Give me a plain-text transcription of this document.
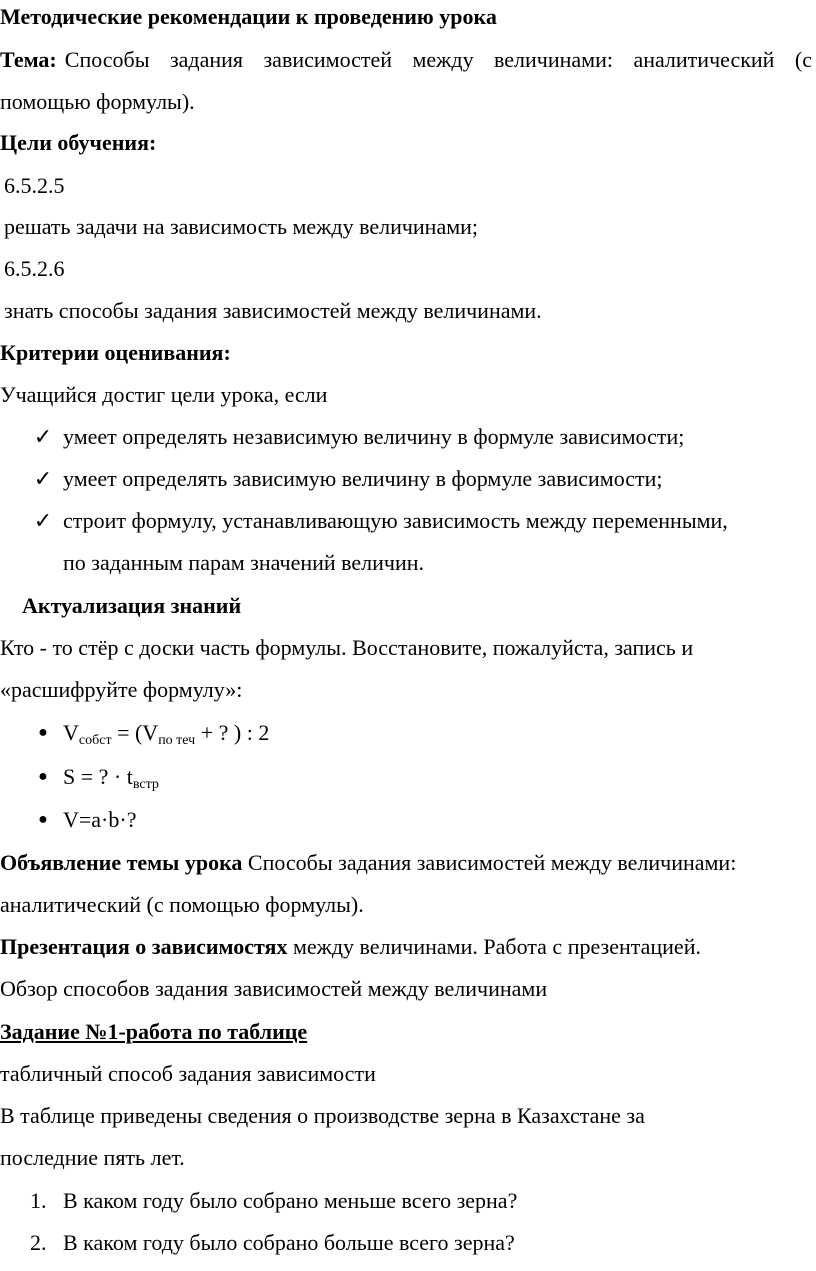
Методические рекомендации к проведению урока
Тема: Способы задания зависимостей между величинами: аналитический (с
помощью формулы).
Цели обучения:
6.5.2.5
решать задачи на зависимость между величинами;
6.5.2.6
знать способы задания зависимостей между величинами.
Критерии оценивания:
Учащийся достиг цели урока, если
✓ умеет определять независимую величину в формуле зависимости;
✓ умеет определять зависимую величину в формуле зависимости;
✓ строит формулу, устанавливающую зависимость между переменными,
по заданным парам значений величин.
Актуализация знаний
Кто - то стёр с доски часть формулы. Восстановите, пожалуйста, запись и
«расшифруйте формулу»:
● $V_{собст} = (V_{по теч}$ + ? ) : 2
● S = ? · $t_{встр}$
● V=a·b·?
Объявление темы урока Способы задания зависимостей между величинами:
аналитический (с помощью формулы).
Презентация о зависимостях между величинами. Работа с презентацией.
Обзор способов задания зависимостей между величинами
Задание №1-работа по таблице
табличный способ задания зависимости
В таблице приведены сведения о производстве зерна в Казахстане за
последние пять лет.
1. В каком году было собрано меньше всего зерна?
2. В каком году было собрано больше всего зерна?
